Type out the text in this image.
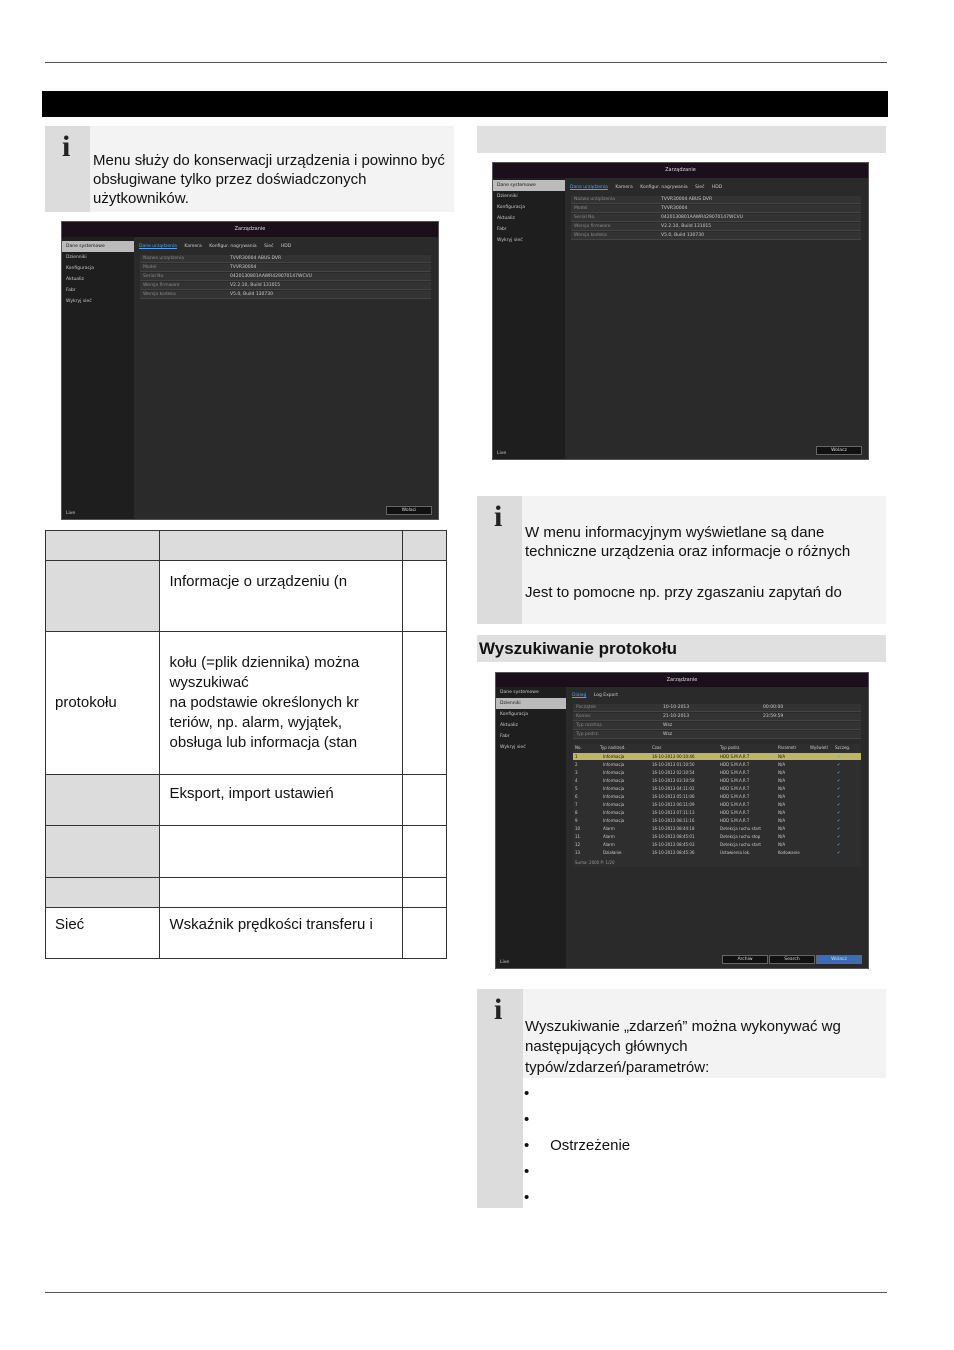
i Menu służy do konserwacji urządzenia i powinno być obsługiwane tylko przez doświadczonych użytkowników.
Zarządzanie
Dane systemowe
Dzienniki
Konfiguracja
Aktualiz
Fabr
Wykryj sieć
Live
Dane urządzenia Kamera Konfigur. nagrywania Sieć HDD
Nazwa urządzenia	TVVR30004 ABUS DVR
Model	TVVR30004
Serial No.	0420130801AAWR429070147WCVU
Wersja firmware	V2.2.10, Build 131015
Wersja kodeka	V5.0, Build 130730
Wolaci

	Informacje o urządzeniu (n	
protokołu	kołu (=plik dziennika) można wyszukiwać
na podstawie określonych kr
teriów, np. alarm, wyjątek,
obsługa lub informacja (stan	
	Eksport, import ustawień	

Sieć	Wskaźnik prędkości transferu i	
Zarządzanie
Dane systemowe
Dzienniki
Konfiguracja
Aktualiz
Fabr
Wykryj sieć
Live
Dane urządzenia Kamera Konfigur. nagrywania Sieć HDD
Nazwa urządzenia	TVVR30004 ABUS DVR
Model	TVVR30004
Serial No.	0420130801AAWR429070147WCVU
Wersja firmware	V2.2.10, Build 131015
Wersja kodeka	V5.0, Build 130730
Wolacz
i W menu informacyjnym wyświetlane są dane
techniczne urządzenia oraz informacje o różnych
Jest to pomocne np. przy zgaszaniu zapytań do
Wyszukiwanie protokołu
Zarządzanie
Dane systemowe
Dzienniki
Konfiguracja
Aktualiz
Fabr
Wykryj sieć
Live
Dialog Log Export
Początek	10-10-2013	00:00:00
Koniec	21-10-2013	23:59:59
Typ rozdroz.	Wsz
Typ podrz.	Wsz
No.	Typ nadrzęd.	Czas	Typ podrz.	Parametr	Wyświetl Szczeg.
1	Informacja	16-10-2013 00:10:46	HDD S.M.A.R.T	N/A	✔
2	Informacja	16-10-2013 01:10:50	HDD S.M.A.R.T	N/A	✔
3	Informacja	16-10-2013 02:10:54	HDD S.M.A.R.T	N/A	✔
4	Informacja	16-10-2013 03:10:58	HDD S.M.A.R.T	N/A	✔
5	Informacja	16-10-2013 04:11:02	HDD S.M.A.R.T	N/A	✔
6	Informacja	16-10-2013 05:11:06	HDD S.M.A.R.T	N/A	✔
7	Informacja	16-10-2013 06:11:09	HDD S.M.A.R.T	N/A	✔
8	Informacja	16-10-2013 07:11:13	HDD S.M.A.R.T	N/A	✔
9	Informacja	16-10-2013 08:11:16	HDD S.M.A.R.T	N/A	✔
10	Alarm	16-10-2013 08:44:18	Detekcja ruchu start	N/A	✔
11	Alarm	16-10-2013 08:45:01	Detekcja ruchu stop	N/A	✔
12	Alarm	16-10-2013 08:45:03	Detekcja ruchu start	N/A	✔
13	Działanie	16-10-2013 08:45:36	Ustawienia lok.	Kodowanie	✔
Suma: 2000 P: 1/20
Archiw	Search	Wolacz
i
Wyszukiwanie „zdarzeń” można wykonywać wg
następujących głównych
typów/zdarzeń/parametrów:
•
•
•     Ostrzeżenie
•
•
